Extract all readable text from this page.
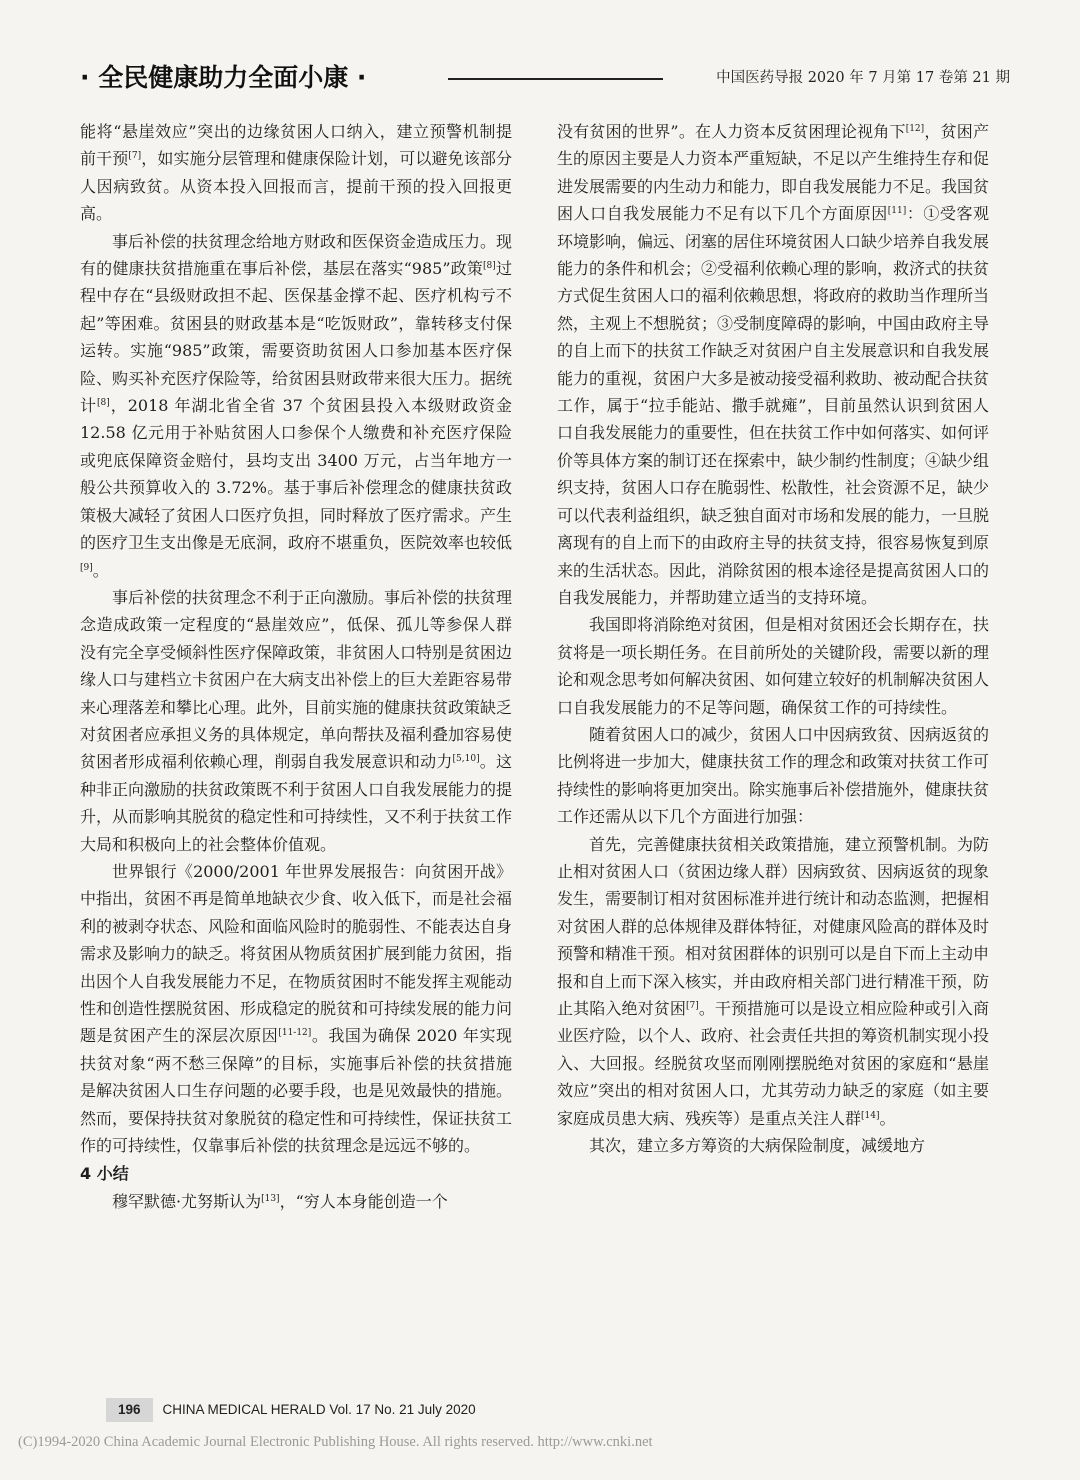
· 全民健康助力全面小康 ·	中国医药导报 2020 年 7 月第 17 卷第 21 期

能将“悬崖效应”突出的边缘贫困人口纳入，建立预警机制提前干预[7]，如实施分层管理和健康保险计划，可以避免该部分人因病致贫。从资本投入回报而言，提前干预的投入回报更高。

事后补偿的扶贫理念给地方财政和医保资金造成压力。现有的健康扶贫措施重在事后补偿，基层在落实“985”政策[8]过程中存在“县级财政担不起、医保基金撑不起、医疗机构亏不起”等困难。贫困县的财政基本是“吃饭财政”，靠转移支付保运转。实施“985”政策，需要资助贫困人口参加基本医疗保险、购买补充医疗保险等，给贫困县财政带来很大压力。据统计[8]，2018 年湖北省全省 37 个贫困县投入本级财政资金 12.58 亿元用于补贴贫困人口参保个人缴费和补充医疗保险或兜底保障资金赔付，县均支出 3400 万元，占当年地方一般公共预算收入的 3.72%。基于事后补偿理念的健康扶贫政策极大减轻了贫困人口医疗负担，同时释放了医疗需求。产生的医疗卫生支出像是无底洞，政府不堪重负，医院效率也较低[9]。

事后补偿的扶贫理念不利于正向激励。事后补偿的扶贫理念造成政策一定程度的“悬崖效应”，低保、孤儿等参保人群没有完全享受倾斜性医疗保障政策，非贫困人口特别是贫困边缘人口与建档立卡贫困户在大病支出补偿上的巨大差距容易带来心理落差和攀比心理。此外，目前实施的健康扶贫政策缺乏对贫困者应承担义务的具体规定，单向帮扶及福利叠加容易使贫困者形成福利依赖心理，削弱自我发展意识和动力[5,10]。这种非正向激励的扶贫政策既不利于贫困人口自我发展能力的提升，从而影响其脱贫的稳定性和可持续性，又不利于扶贫工作大局和积极向上的社会整体价值观。

世界银行《2000/2001 年世界发展报告：向贫困开战》中指出，贫困不再是简单地缺衣少食、收入低下，而是社会福利的被剥夺状态、风险和面临风险时的脆弱性、不能表达自身需求及影响力的缺乏。将贫困从物质贫困扩展到能力贫困，指出因个人自我发展能力不足，在物质贫困时不能发挥主观能动性和创造性摆脱贫困、形成稳定的脱贫和可持续发展的能力问题是贫困产生的深层次原因[11-12]。我国为确保 2020 年实现扶贫对象“两不愁三保障”的目标，实施事后补偿的扶贫措施是解决贫困人口生存问题的必要手段，也是见效最快的措施。然而，要保持扶贫对象脱贫的稳定性和可持续性，保证扶贫工作的可持续性，仅靠事后补偿的扶贫理念是远远不够的。

4 小结

穆罕默德·尤努斯认为[13]，“穷人本身能创造一个

没有贫困的世界”。在人力资本反贫困理论视角下[12]，贫困产生的原因主要是人力资本严重短缺，不足以产生维持生存和促进发展需要的内生动力和能力，即自我发展能力不足。我国贫困人口自我发展能力不足有以下几个方面原因[11]：①受客观环境影响，偏远、闭塞的居住环境贫困人口缺少培养自我发展能力的条件和机会；②受福利依赖心理的影响，救济式的扶贫方式促生贫困人口的福利依赖思想，将政府的救助当作理所当然，主观上不想脱贫；③受制度障碍的影响，中国由政府主导的自上而下的扶贫工作缺乏对贫困户自主发展意识和自我发展能力的重视，贫困户大多是被动接受福利救助、被动配合扶贫工作，属于“拉手能站、撒手就瘫”，目前虽然认识到贫困人口自我发展能力的重要性，但在扶贫工作中如何落实、如何评价等具体方案的制订还在探索中，缺少制约性制度；④缺少组织支持，贫困人口存在脆弱性、松散性，社会资源不足，缺少可以代表利益组织，缺乏独自面对市场和发展的能力，一旦脱离现有的自上而下的由政府主导的扶贫支持，很容易恢复到原来的生活状态。因此，消除贫困的根本途径是提高贫困人口的自我发展能力，并帮助建立适当的支持环境。

我国即将消除绝对贫困，但是相对贫困还会长期存在，扶贫将是一项长期任务。在目前所处的关键阶段，需要以新的理论和观念思考如何解决贫困、如何建立较好的机制解决贫困人口自我发展能力的不足等问题，确保贫工作的可持续性。

随着贫困人口的减少，贫困人口中因病致贫、因病返贫的比例将进一步加大，健康扶贫工作的理念和政策对扶贫工作可持续性的影响将更加突出。除实施事后补偿措施外，健康扶贫工作还需从以下几个方面进行加强：

首先，完善健康扶贫相关政策措施，建立预警机制。为防止相对贫困人口（贫困边缘人群）因病致贫、因病返贫的现象发生，需要制订相对贫困标准并进行统计和动态监测，把握相对贫困人群的总体规律及群体特征，对健康风险高的群体及时预警和精准干预。相对贫困群体的识别可以是自下而上主动申报和自上而下深入核实，并由政府相关部门进行精准干预，防止其陷入绝对贫困[7]。干预措施可以是设立相应险种或引入商业医疗险，以个人、政府、社会责任共担的筹资机制实现小投入、大回报。经脱贫攻坚而刚刚摆脱绝对贫困的家庭和“悬崖效应”突出的相对贫困人口，尤其劳动力缺乏的家庭（如主要家庭成员患大病、残疾等）是重点关注人群[14]。

其次，建立多方筹资的大病保险制度，减缓地方

196 CHINA MEDICAL HERALD Vol. 17 No. 21 July 2020
(C)1994-2020 China Academic Journal Electronic Publishing House. All rights reserved. http://www.cnki.net
